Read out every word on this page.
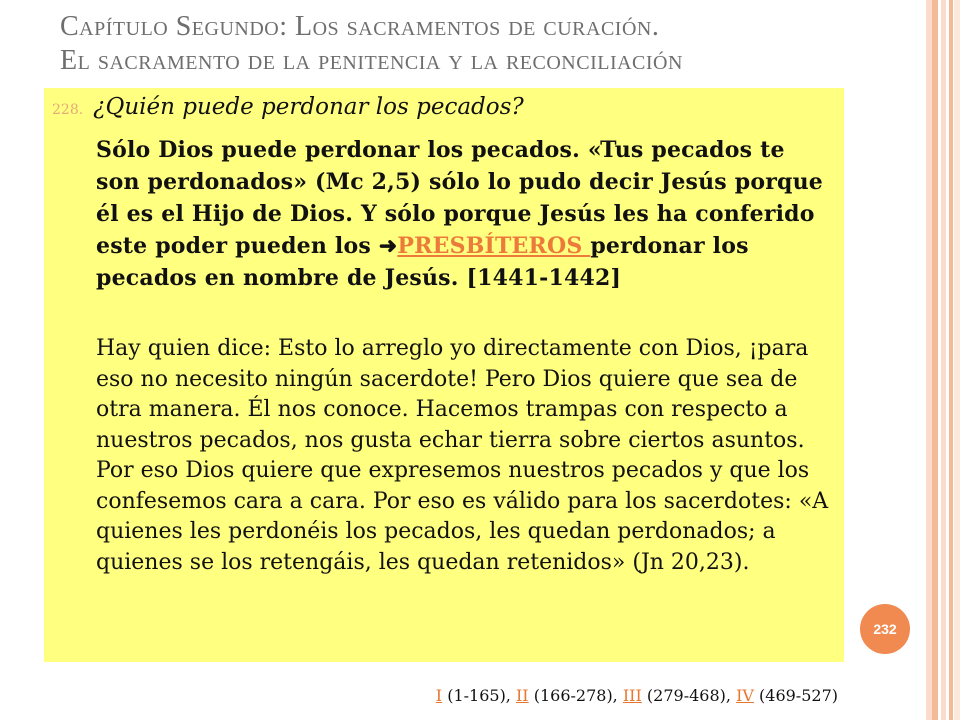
Capítulo Segundo: Los sacramentos de curación.
El sacramento de la penitencia y la reconciliación
228. ¿Quién puede perdonar los pecados?
Sólo Dios puede perdonar los pecados. «Tus pecados te son perdonados» (Mc 2,5) sólo lo pudo decir Jesús porque él es el Hijo de Dios. Y sólo porque Jesús les ha conferido este poder pueden los ➜PRESBÍTEROS perdonar los pecados en nombre de Jesús. [1441-1442]
Hay quien dice: Esto lo arreglo yo directamente con Dios, ¡para eso no necesito ningún sacerdote! Pero Dios quiere que sea de otra manera. Él nos conoce. Hacemos trampas con respecto a nuestros pecados, nos gusta echar tierra sobre ciertos asuntos. Por eso Dios quiere que expresemos nuestros pecados y que los confesemos cara a cara. Por eso es válido para los sacerdotes: «A quienes les perdonéis los pecados, les quedan perdonados; a quienes se los retengáis, les quedan retenidos» (Jn 20,23).
232
I (1-165), II (166-278), III (279-468), IV (469-527)
